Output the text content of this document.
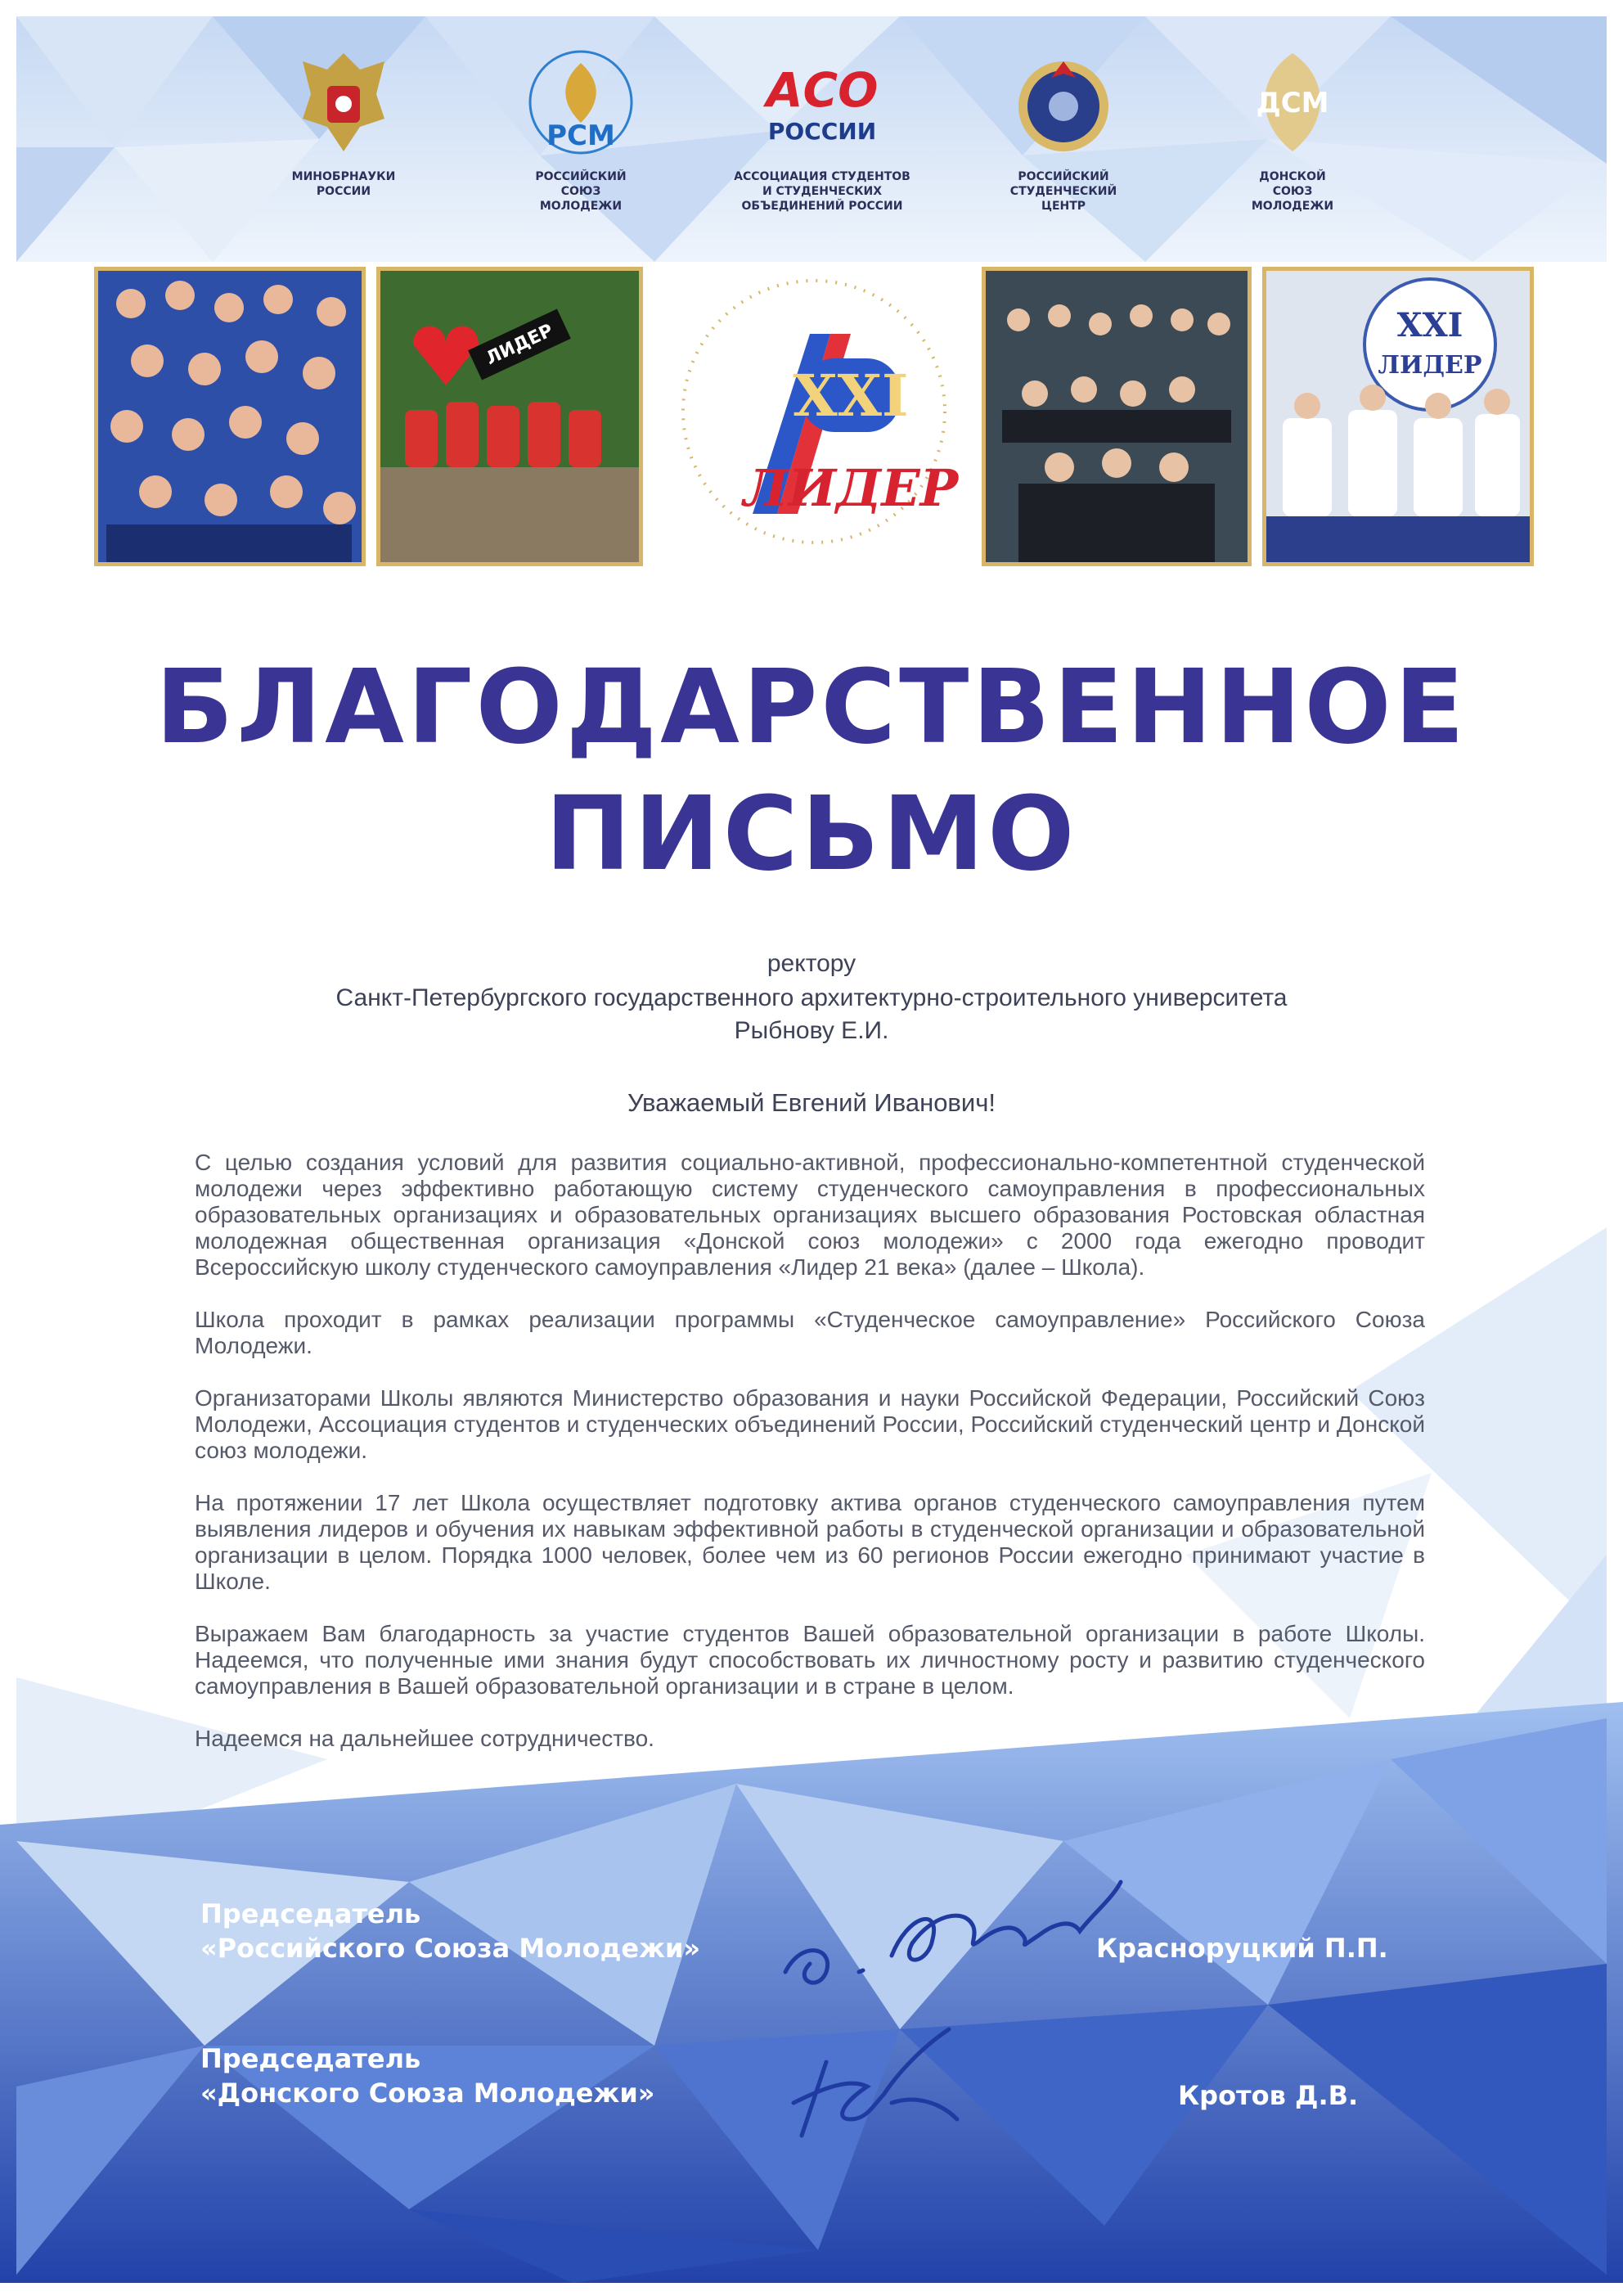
МИНОБРНАУКИ
РОССИИ
РСМ
РОССИЙСКИЙ
СОЮЗ
МОЛОДЕЖИ
АСО
РОССИИ
АССОЦИАЦИЯ СТУДЕНТОВ
И СТУДЕНЧЕСКИХ
ОБЪЕДИНЕНИЙ РОССИИ
РОССИЙСКИЙ
СТУДЕНЧЕСКИЙ
ЦЕНТР
ДСМ
ДОНСКОЙ
СОЮЗ
МОЛОДЕЖИ
ЛИДЕР	XXI
ЛИДЕР
XXI
ЛИДЕР
БЛАГОДАРСТВЕННОЕ
ПИСЬМО
ректору
Санкт-Петербургского государственного архитектурно-строительного университета
Рыбнову Е.И.
Уважаемый Евгений Иванович!

С целью создания условий для развития социально-активной, профессионально-компетентной студенческой молодежи через эффективно работающую систему студенческого самоуправления в профессиональных образовательных организациях и образовательных организациях высшего образования Ростовская областная молодежная общественная организация «Донской союз молодежи» с 2000 года ежегодно проводит Всероссийскую школу студенческого самоуправления «Лидер 21 века» (далее – Школа).

Школа проходит в рамках реализации программы «Студенческое самоуправление» Российского Союза Молодежи.

Организаторами Школы являются Министерство образования и науки Российской Федерации, Российский Союз Молодежи, Ассоциация студентов и студенческих объединений России, Российский студенческий центр и Донской союз молодежи.

На протяжении 17 лет Школа осуществляет подготовку актива органов студенческого самоуправления путем выявления лидеров и обучения их навыкам эффективной работы в студенческой организации и образовательной организации в целом. Порядка 1000 человек, более чем из 60 регионов России ежегодно принимают участие в Школе.

Выражаем Вам благодарность за участие студентов Вашей образовательной организации в работе Школы. Надеемся, что полученные ими знания будут способствовать их личностному росту и развитию студенческого самоуправления в Вашей образовательной организации и в стране в целом.

Надеемся на дальнейшее сотрудничество.

Председатель
«Российского Союза Молодежи»	Красноруцкий П.П.
Председатель
«Донского Союза Молодежи»	Кротов Д.В.
